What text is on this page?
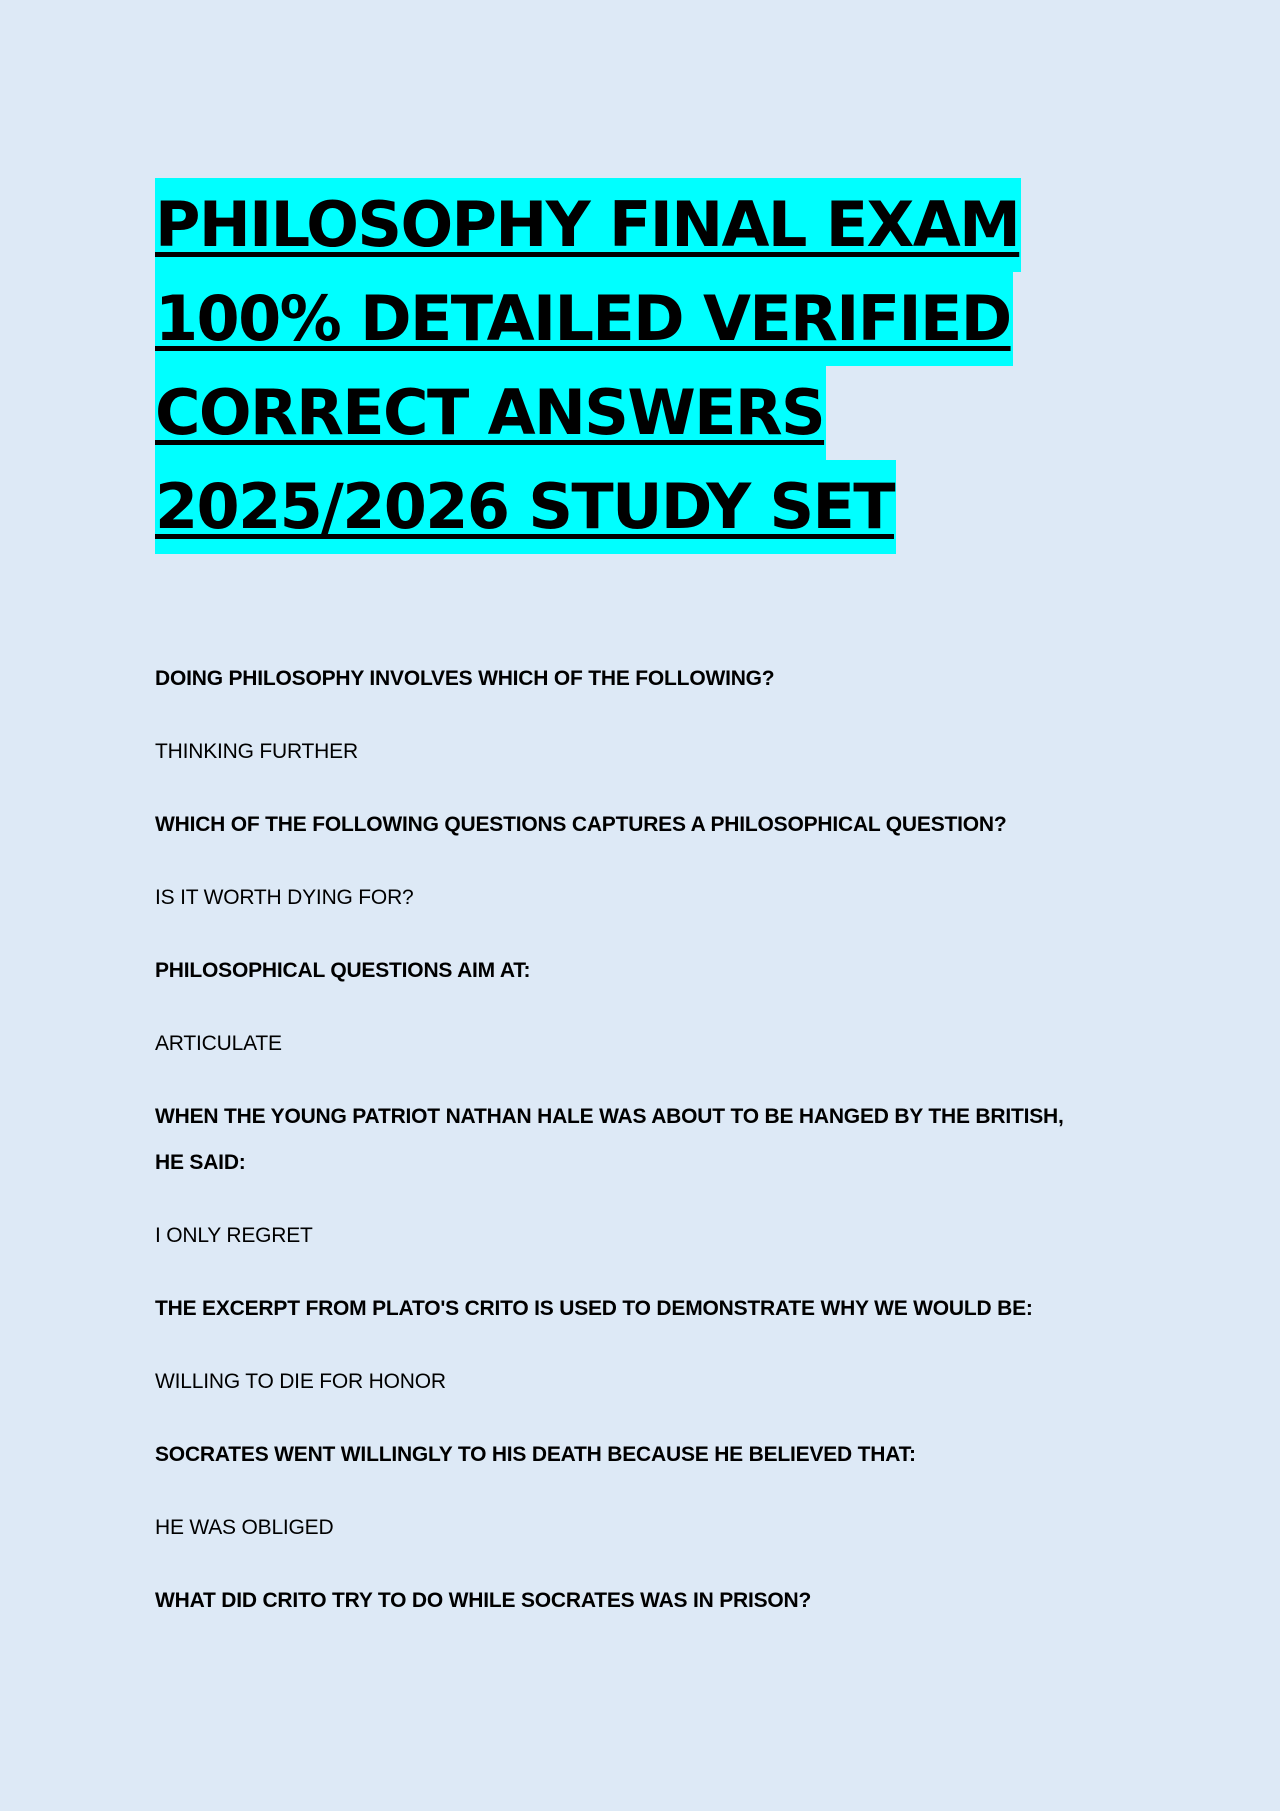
PHILOSOPHY FINAL EXAM
100% DETAILED VERIFIED
CORRECT ANSWERS
2025/2026 STUDY SET

DOING PHILOSOPHY INVOLVES WHICH OF THE FOLLOWING?

THINKING FURTHER

WHICH OF THE FOLLOWING QUESTIONS CAPTURES A PHILOSOPHICAL QUESTION?

IS IT WORTH DYING FOR?

PHILOSOPHICAL QUESTIONS AIM AT:

ARTICULATE

WHEN THE YOUNG PATRIOT NATHAN HALE WAS ABOUT TO BE HANGED BY THE BRITISH,

HE SAID:

I ONLY REGRET

THE EXCERPT FROM PLATO'S CRITO IS USED TO DEMONSTRATE WHY WE WOULD BE:

WILLING TO DIE FOR HONOR

SOCRATES WENT WILLINGLY TO HIS DEATH BECAUSE HE BELIEVED THAT:

HE WAS OBLIGED

WHAT DID CRITO TRY TO DO WHILE SOCRATES WAS IN PRISON?
